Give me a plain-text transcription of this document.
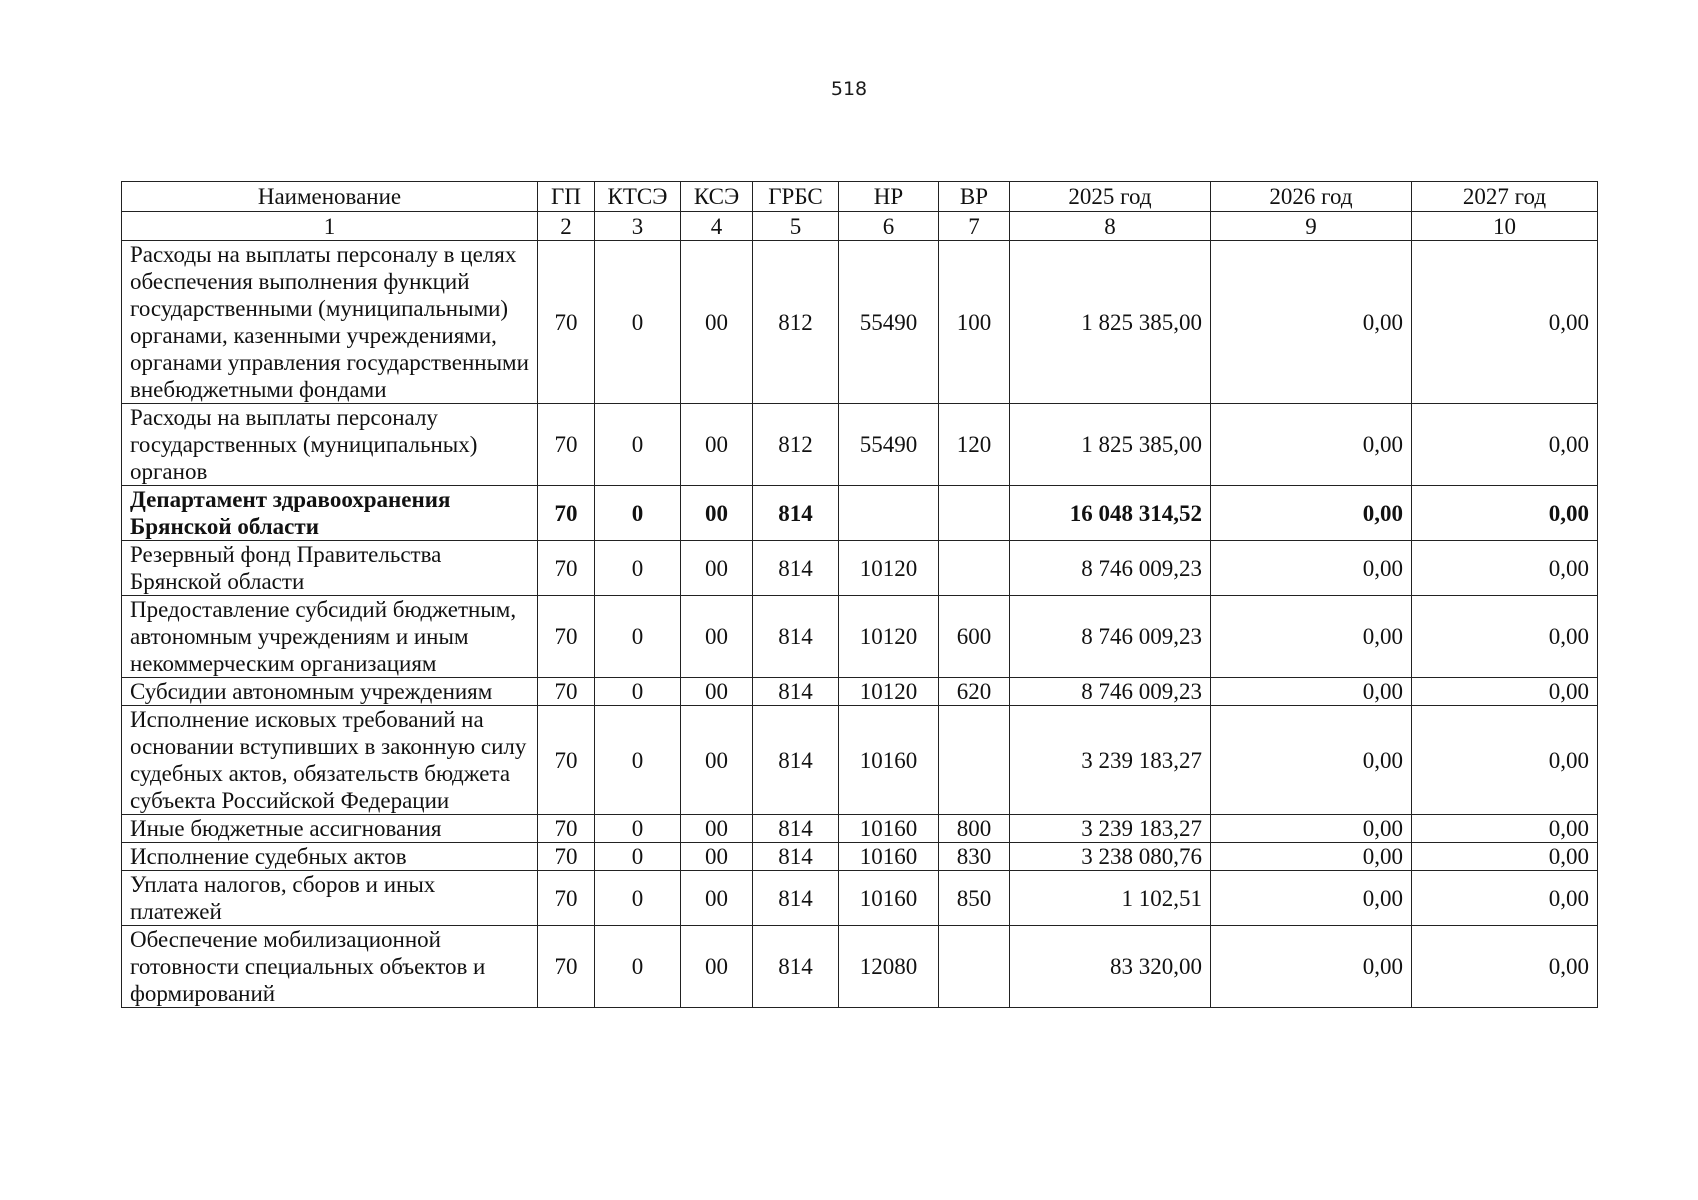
518
Наименование	ГП	КТСЭ	КСЭ	ГРБС	НР	ВР	2025 год	2026 год	2027 год
1	2	3	4	5	6	7	8	9	10
Расходы на выплаты персоналу в целях обеспечения выполнения функций государственными (муниципальными) органами, казенными учреждениями, органами управления государственными внебюджетными фондами	70	0	00	812	55490	100	1 825 385,00	0,00	0,00
Расходы на выплаты персоналу государственных (муниципальных) органов	70	0	00	812	55490	120	1 825 385,00	0,00	0,00
Департамент здравоохранения Брянской области	70	0	00	814			16 048 314,52	0,00	0,00
Резервный фонд Правительства Брянской области	70	0	00	814	10120		8 746 009,23	0,00	0,00
Предоставление субсидий бюджетным, автономным учреждениям и иным некоммерческим организациям	70	0	00	814	10120	600	8 746 009,23	0,00	0,00
Субсидии автономным учреждениям	70	0	00	814	10120	620	8 746 009,23	0,00	0,00
Исполнение исковых требований на основании вступивших в законную силу судебных актов, обязательств бюджета субъекта Российской Федерации	70	0	00	814	10160		3 239 183,27	0,00	0,00
Иные бюджетные ассигнования	70	0	00	814	10160	800	3 239 183,27	0,00	0,00
Исполнение судебных актов	70	0	00	814	10160	830	3 238 080,76	0,00	0,00
Уплата налогов, сборов и иных платежей	70	0	00	814	10160	850	1 102,51	0,00	0,00
Обеспечение мобилизационной готовности специальных объектов и формирований	70	0	00	814	12080		83 320,00	0,00	0,00
